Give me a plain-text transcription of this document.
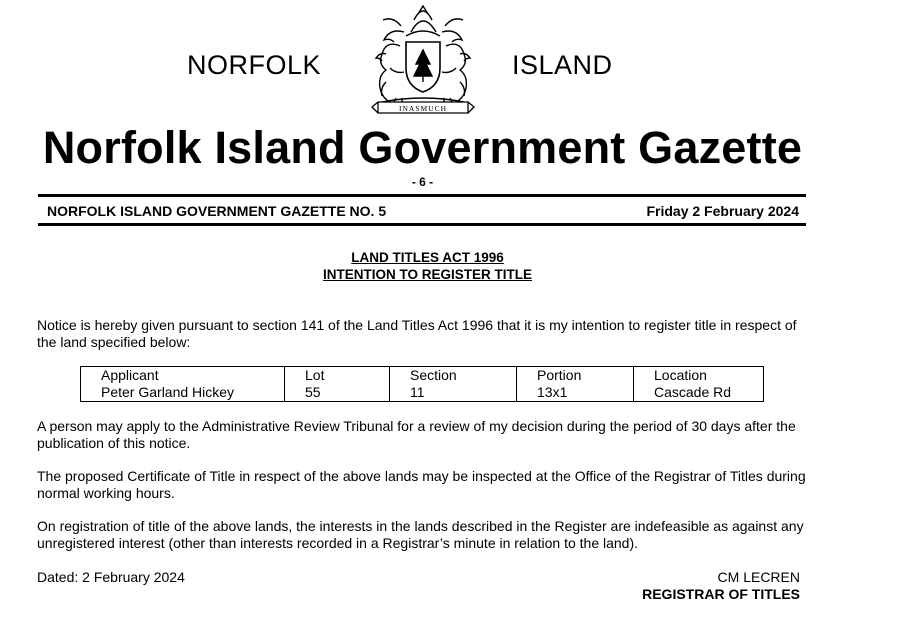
NORFOLK	ISLAND
INASMUCH
Norfolk Island Government Gazette
- 6 -
NORFOLK ISLAND GOVERNMENT GAZETTE NO. 5	Friday 2 February 2024
LAND TITLES ACT 1996
INTENTION TO REGISTER TITLE
Notice is hereby given pursuant to section 141 of the Land Titles Act 1996 that it is my intention to register title in respect of the land specified below:
Applicant	Lot	Section	Portion	Location
Peter Garland Hickey	55	11	13x1	Cascade Rd
A person may apply to the Administrative Review Tribunal for a review of my decision during the period of 30 days after the publication of this notice.
The proposed Certificate of Title in respect of the above lands may be inspected at the Office of the Registrar of Titles during normal working hours.
On registration of title of the above lands, the interests in the lands described in the Register are indefeasible as against any unregistered interest (other than interests recorded in a Registrar’s minute in relation to the land).
Dated: 2 February 2024	CM LECREN
REGISTRAR OF TITLES
